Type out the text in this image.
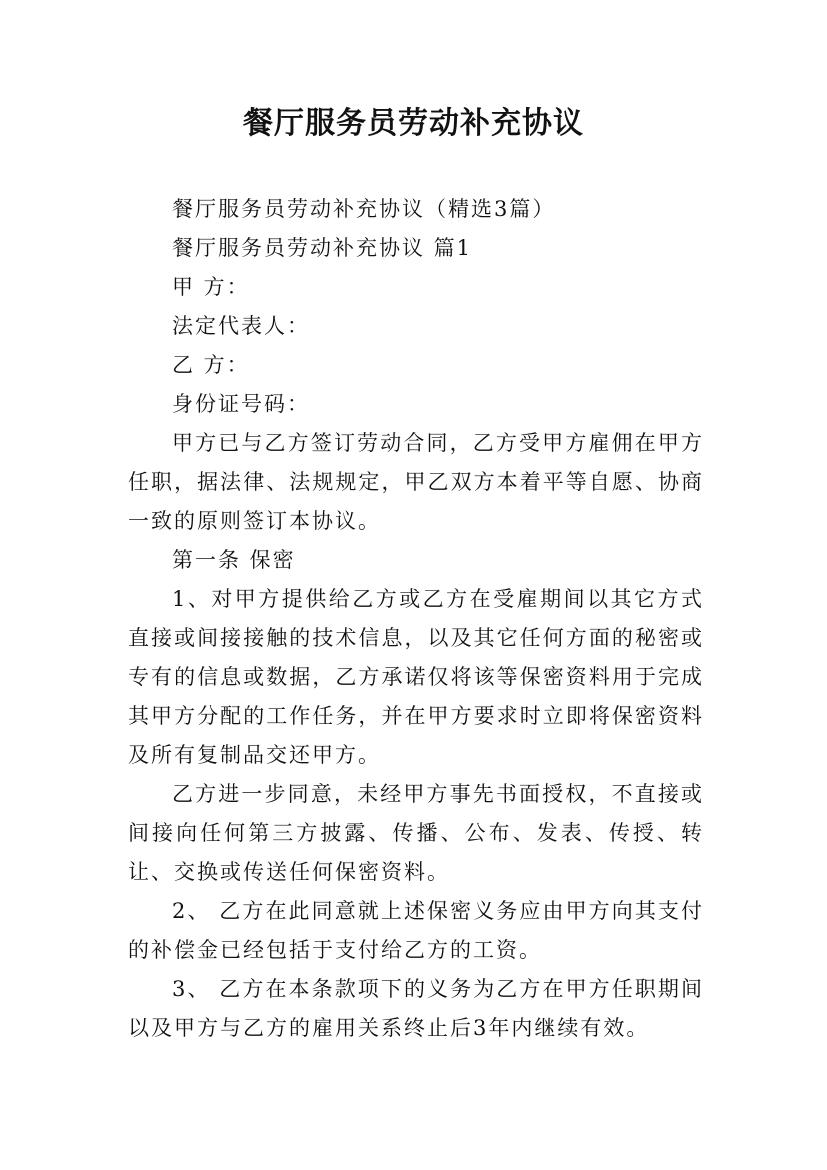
餐厅服务员劳动补充协议

餐厅服务员劳动补充协议（精选3篇）

餐厅服务员劳动补充协议 篇1

甲 方：

法定代表人：

乙 方：

身份证号码：

甲方已与乙方签订劳动合同，乙方受甲方雇佣在甲方任职，据法律、法规规定，甲乙双方本着平等自愿、协商一致的原则签订本协议。

第一条 保密

1、对甲方提供给乙方或乙方在受雇期间以其它方式直接或间接接触的技术信息，以及其它任何方面的秘密或专有的信息或数据，乙方承诺仅将该等保密资料用于完成其甲方分配的工作任务，并在甲方要求时立即将保密资料及所有复制品交还甲方。

乙方进一步同意，未经甲方事先书面授权，不直接或间接向任何第三方披露、传播、公布、发表、传授、转让、交换或传送任何保密资料。

2、 乙方在此同意就上述保密义务应由甲方向其支付的补偿金已经包括于支付给乙方的工资。

3、 乙方在本条款项下的义务为乙方在甲方任职期间以及甲方与乙方的雇用关系终止后3年内继续有效。
